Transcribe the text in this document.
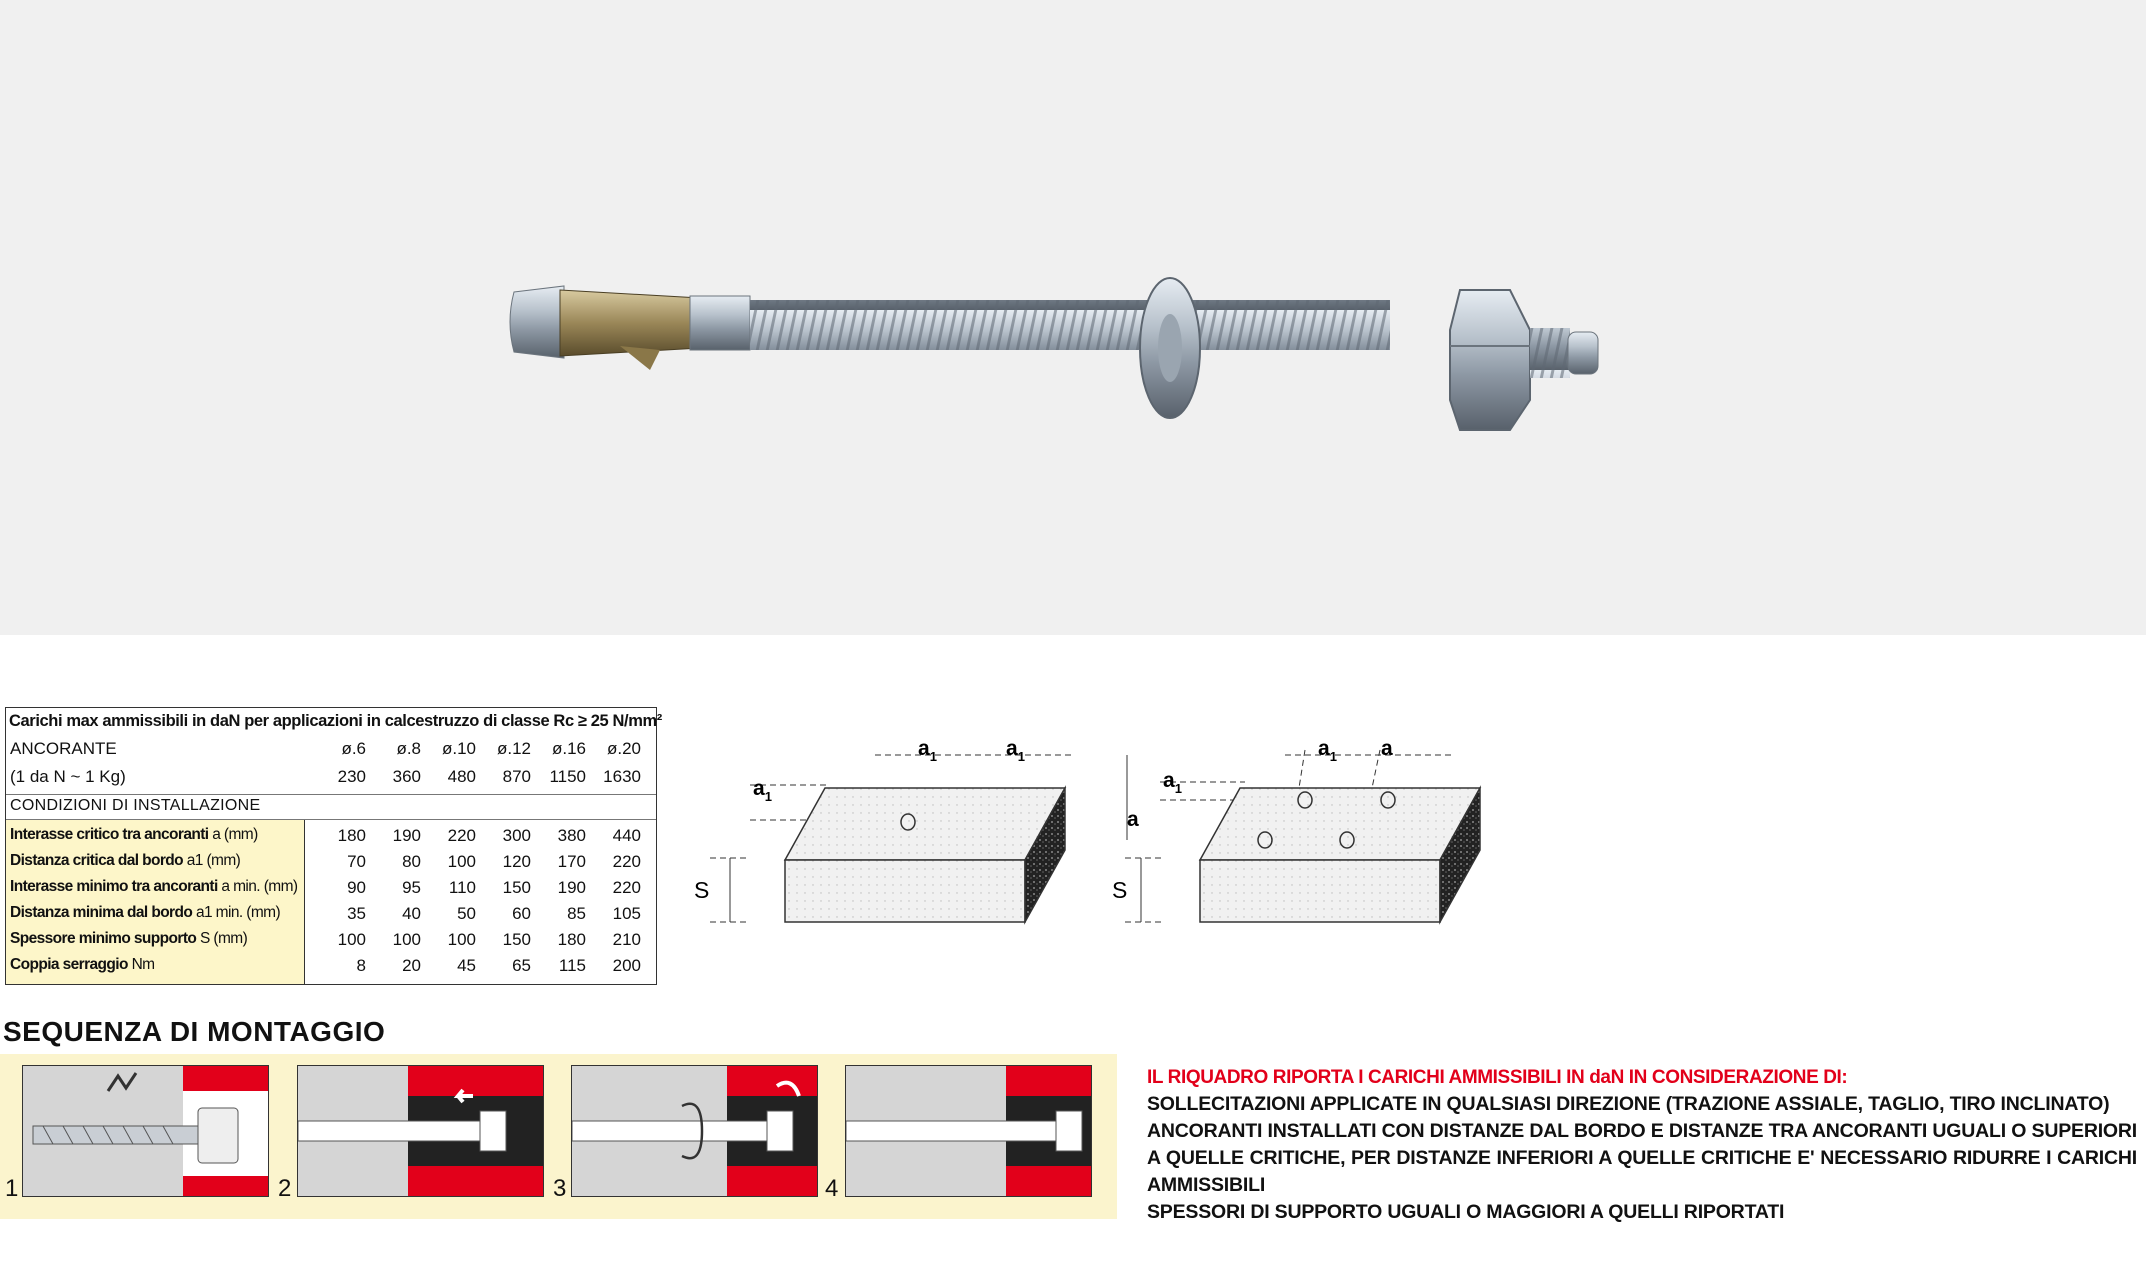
Carichi max ammissibili in daN per applicazioni in calcestruzzo di classe Rc ≥ 25 N/mm²
ANCORANTE	ø.6	ø.8	ø.10	ø.12	ø.16	ø.20
(1 da N ~ 1 Kg)	230	360	480	870	1150	1630
CONDIZIONI DI INSTALLAZIONE
Interasse critico tra ancoranti a (mm)	180	190	220	300	380	440
Distanza critica dal bordo a1 (mm)	70	80	100	120	170	220
Interasse minimo tra ancoranti a min. (mm)	90	95	110	150	190	220
Distanza minima dal bordo a1 min. (mm)	35	40	50	60	85	105
Spessore minimo supporto S (mm)	100	100	100	150	180	210
Coppia serraggio Nm	8	20	45	65	115	200
$a_1$	$a_1$
$a_1$
S
$a_1$ a
$a_1$
a
S
SEQUENZA DI MONTAGGIO
1	2	3	4
IL RIQUADRO RIPORTA I CARICHI AMMISSIBILI IN daN IN CONSIDERAZIONE DI:
SOLLECITAZIONI APPLICATE IN QUALSIASI DIREZIONE (TRAZIONE ASSIALE, TAGLIO, TIRO INCLINATO)
ANCORANTI INSTALLATI CON DISTANZE DAL BORDO E DISTANZE TRA ANCORANTI UGUALI O SUPERIORI A QUELLE CRITICHE, PER DISTANZE INFERIORI A QUELLE CRITICHE E' NECESSARIO RIDURRE I CARICHI AMMISSIBILI
SPESSORI DI SUPPORTO UGUALI O MAGGIORI A QUELLI RIPORTATI
